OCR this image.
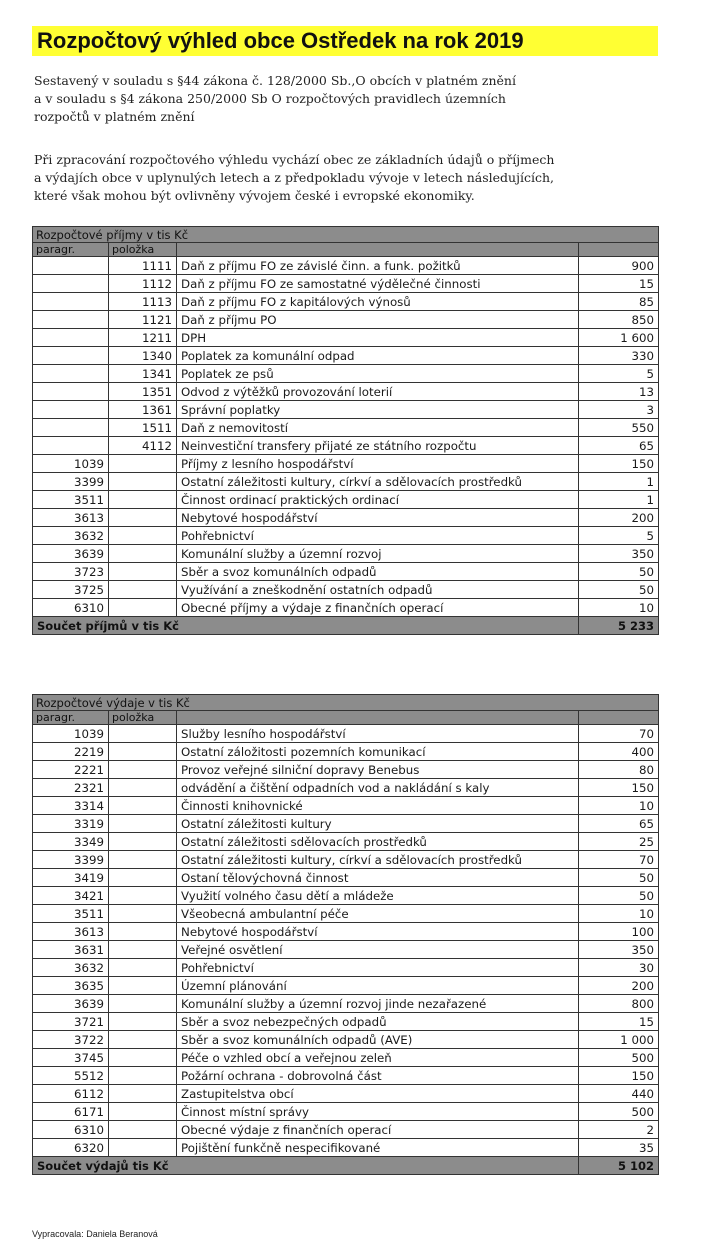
Rozpočtový výhled obce Ostředek na rok 2019
Sestavený v souladu s §44 zákona č. 128/2000 Sb.,O obcích v platném znění
a v souladu s §4 zákona 250/2000 Sb O rozpočtových pravidlech územních
rozpočtů v platném znění
Při zpracování rozpočtového výhledu vychází obec ze základních údajů o příjmech
a výdajích obce v uplynulých letech a z předpokladu vývoje v letech následujících,
které však mohou být ovlivněny vývojem české i evropské ekonomiky.
Rozpočtové příjmy v tis Kč			
paragr.	položka		
	1111	Daň z příjmu FO ze závislé činn. a funk. požitků	900
	1112	Daň z příjmu FO ze samostatné výdělečné činnosti	15
	1113	Daň z příjmu FO z kapitálových výnosů	85
	1121	Daň z příjmu PO	850
	1211	DPH	1 600
	1340	Poplatek za komunální odpad	330
	1341	Poplatek ze psů	5
	1351	Odvod z výtěžků provozování loterií	13
	1361	Správní poplatky	3
	1511	Daň z nemovitostí	550
	4112	Neinvestiční transfery přijaté ze státního rozpočtu	65
1039		Příjmy z lesního hospodářství	150
3399		Ostatní záležitosti kultury, církví a sdělovacích prostředků	1
3511		Činnost ordinací praktických ordinací	1
3613		Nebytové hospodářství	200
3632		Pohřebnictví	5
3639		Komunální služby a územní rozvoj	350
3723		Sběr a svoz komunálních odpadů	50
3725		Využívání a zneškodnění ostatních odpadů	50
6310		Obecné příjmy a výdaje z finančních operací	10
Součet příjmů v tis Kč			5 233
Rozpočtové výdaje v tis Kč			
paragr.	položka		
1039		Služby lesního hospodářství	70
2219		Ostatní záložitosti pozemních komunikací	400
2221		Provoz veřejné silniční dopravy Benebus	80
2321		odvádění a čištění odpadních vod a nakládání s kaly	150
3314		Činnosti knihovnické	10
3319		Ostatní záležitosti kultury	65
3349		Ostatní záležitosti sdělovacích prostředků	25
3399		Ostatní záležitosti kultury, církví a sdělovacích prostředků	70
3419		Ostaní tělovýchovná činnost	50
3421		Využití volného času dětí a mládeže	50
3511		Všeobecná ambulantní péče	10
3613		Nebytové hospodářství	100
3631		Veřejné osvětlení	350
3632		Pohřebnictví	30
3635		Územní plánování	200
3639		Komunální služby a územní rozvoj jinde nezařazené	800
3721		Sběr a svoz nebezpečných odpadů	15
3722		Sběr a svoz komunálních odpadů (AVE)	1 000
3745		Péče o vzhled obcí a veřejnou zeleň	500
5512		Požární ochrana - dobrovolná část	150
6112		Zastupitelstva obcí	440
6171		Činnost místní správy	500
6310		Obecné výdaje z finančních operací	2
6320		Pojištění funkčně nespecifikované	35
Součet výdajů tis Kč			5 102
Vypracovala: Daniela Beranová
